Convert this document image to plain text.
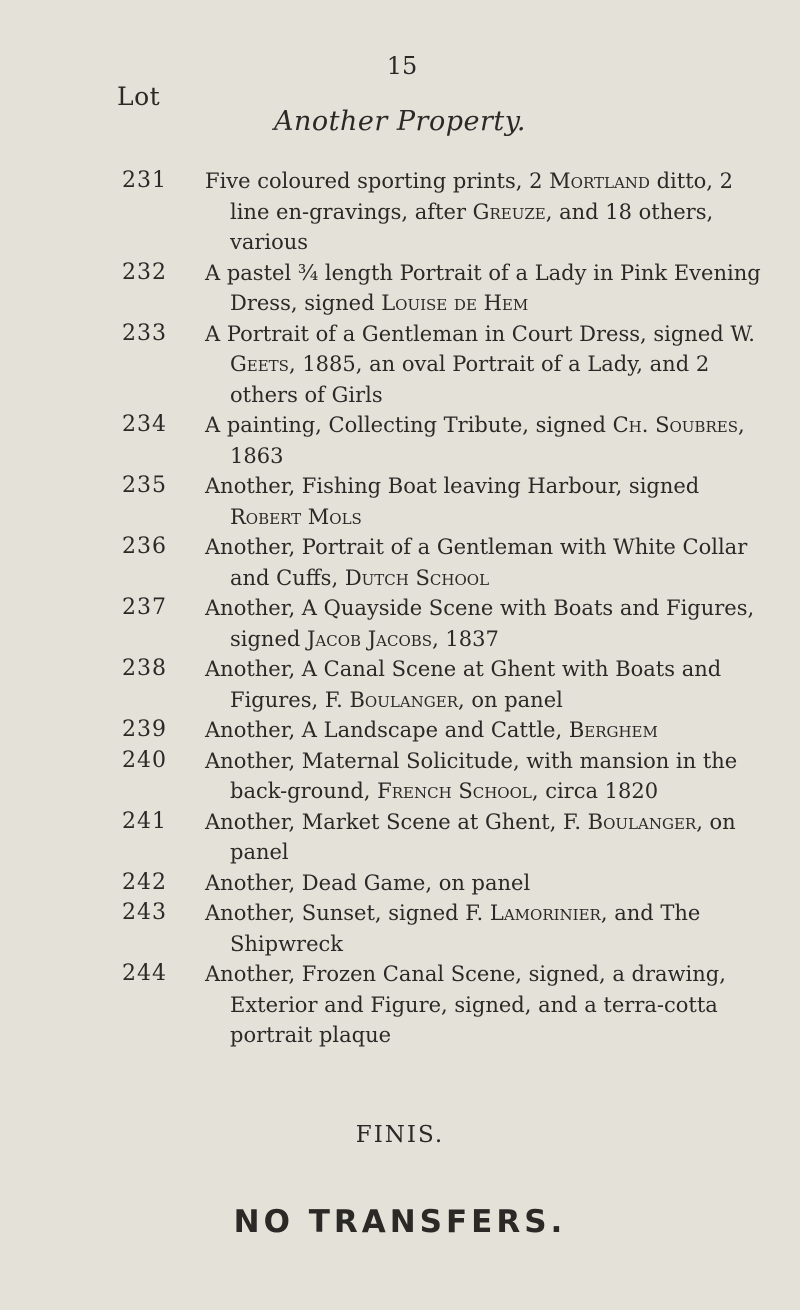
15
Lot
Another Property.
231 Five coloured sporting prints, 2 Mortland ditto, 2 line en-gravings, after Greuze, and 18 others, various
232 A pastel ¾ length Portrait of a Lady in Pink Evening Dress, signed Louise de Hem
233 A Portrait of a Gentleman in Court Dress, signed W. Geets, 1885, an oval Portrait of a Lady, and 2 others of Girls
234 A painting, Collecting Tribute, signed Ch. Soubres, 1863
235 Another, Fishing Boat leaving Harbour, signed Robert Mols
236 Another, Portrait of a Gentleman with White Collar and Cuffs, Dutch School
237 Another, A Quayside Scene with Boats and Figures, signed Jacob Jacobs, 1837
238 Another, A Canal Scene at Ghent with Boats and Figures, F. Boulanger, on panel
239 Another, A Landscape and Cattle, Berghem
240 Another, Maternal Solicitude, with mansion in the back-ground, French School, circa 1820
241 Another, Market Scene at Ghent, F. Boulanger, on panel
242 Another, Dead Game, on panel
243 Another, Sunset, signed F. Lamorinier, and The Shipwreck
244 Another, Frozen Canal Scene, signed, a drawing, Exterior and Figure, signed, and a terra-cotta portrait plaque
FINIS.
NO TRANSFERS.
